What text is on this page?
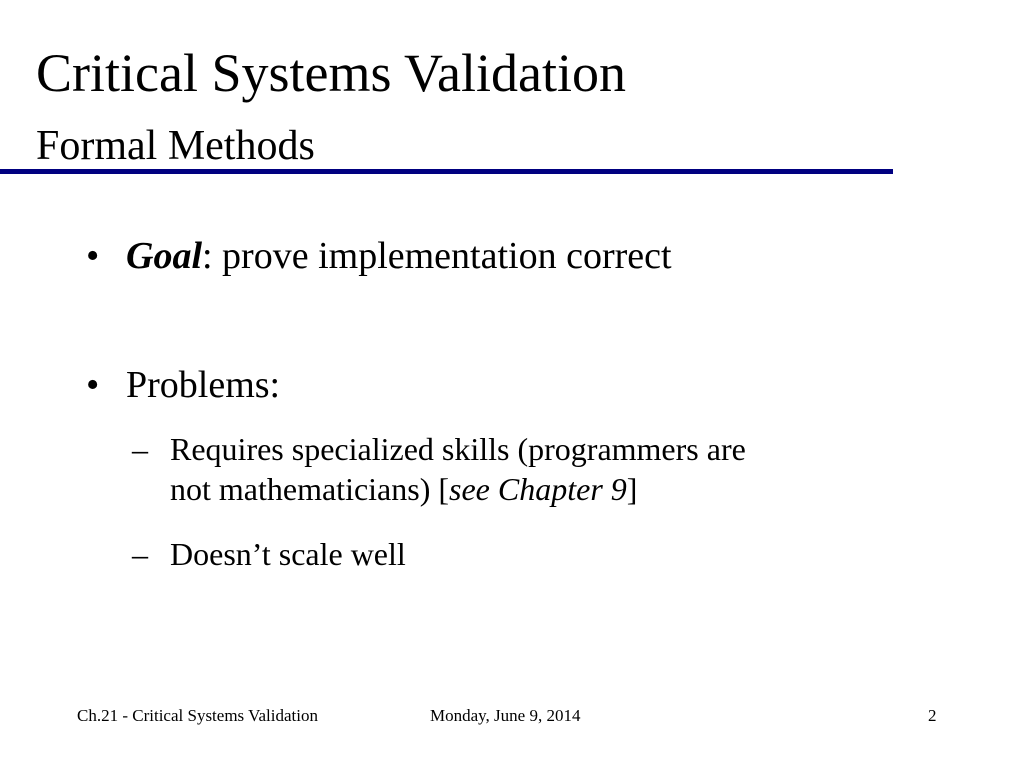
Critical Systems Validation
Formal Methods
• Goal: prove implementation correct
• Problems:
– Requires specialized skills (programmers are
not mathematicians) [see Chapter 9]
– Doesn’t scale well
Ch.21 - Critical Systems Validation	Monday, June 9, 2014	2
